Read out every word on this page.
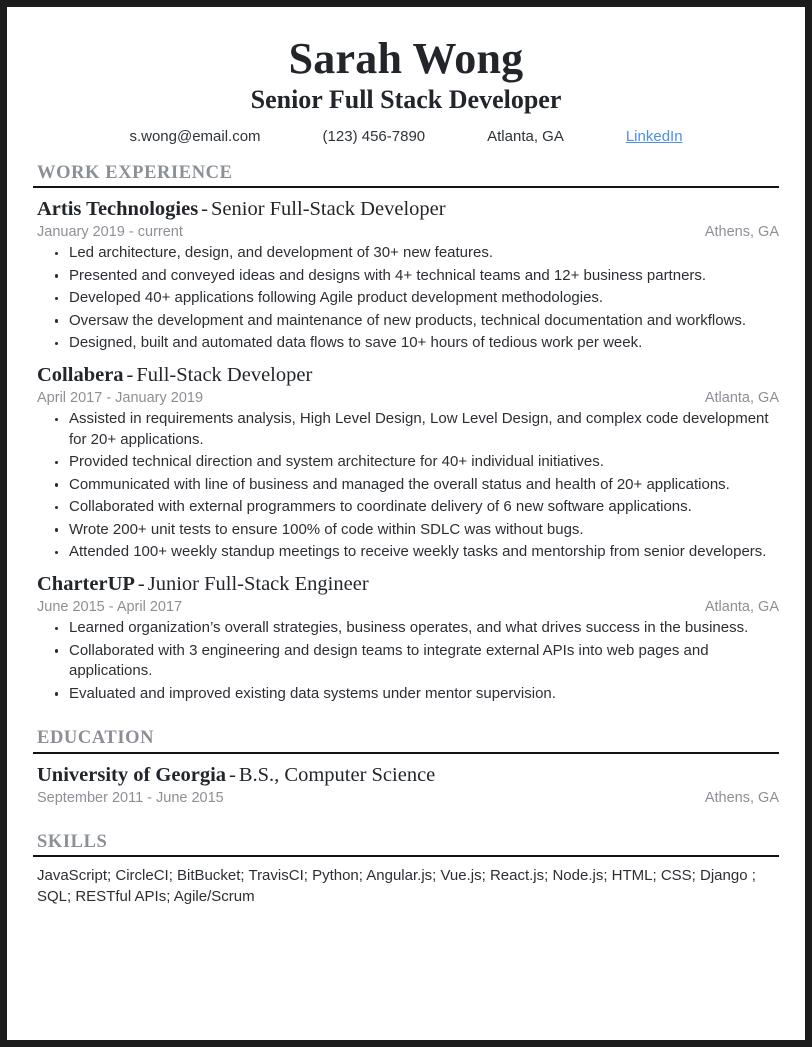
Sarah Wong
Senior Full Stack Developer
s.wong@email.com	(123) 456-7890	Atlanta, GA	LinkedIn
WORK EXPERIENCE
Artis Technologies - Senior Full-Stack Developer
January 2019 - current	Athens, GA
Led architecture, design, and development of 30+ new features.
Presented and conveyed ideas and designs with 4+ technical teams and 12+ business partners.
Developed 40+ applications following Agile product development methodologies.
Oversaw the development and maintenance of new products, technical documentation and workflows.
Designed, built and automated data flows to save 10+ hours of tedious work per week.
Collabera - Full-Stack Developer
April 2017 - January 2019	Atlanta, GA
Assisted in requirements analysis, High Level Design, Low Level Design, and complex code development for 20+ applications.
Provided technical direction and system architecture for 40+ individual initiatives.
Communicated with line of business and managed the overall status and health of 20+ applications.
Collaborated with external programmers to coordinate delivery of 6 new software applications.
Wrote 200+ unit tests to ensure 100% of code within SDLC was without bugs.
Attended 100+ weekly standup meetings to receive weekly tasks and mentorship from senior developers.
CharterUP - Junior Full-Stack Engineer
June 2015 - April 2017	Atlanta, GA
Learned organization’s overall strategies, business operates, and what drives success in the business.
Collaborated with 3 engineering and design teams to integrate external APIs into web pages and applications.
Evaluated and improved existing data systems under mentor supervision.
EDUCATION
University of Georgia - B.S., Computer Science
September 2011 - June 2015	Athens, GA
SKILLS
JavaScript; CircleCI; BitBucket; TravisCI; Python; Angular.js; Vue.js; React.js; Node.js; HTML; CSS; Django ; SQL; RESTful APIs; Agile/Scrum
